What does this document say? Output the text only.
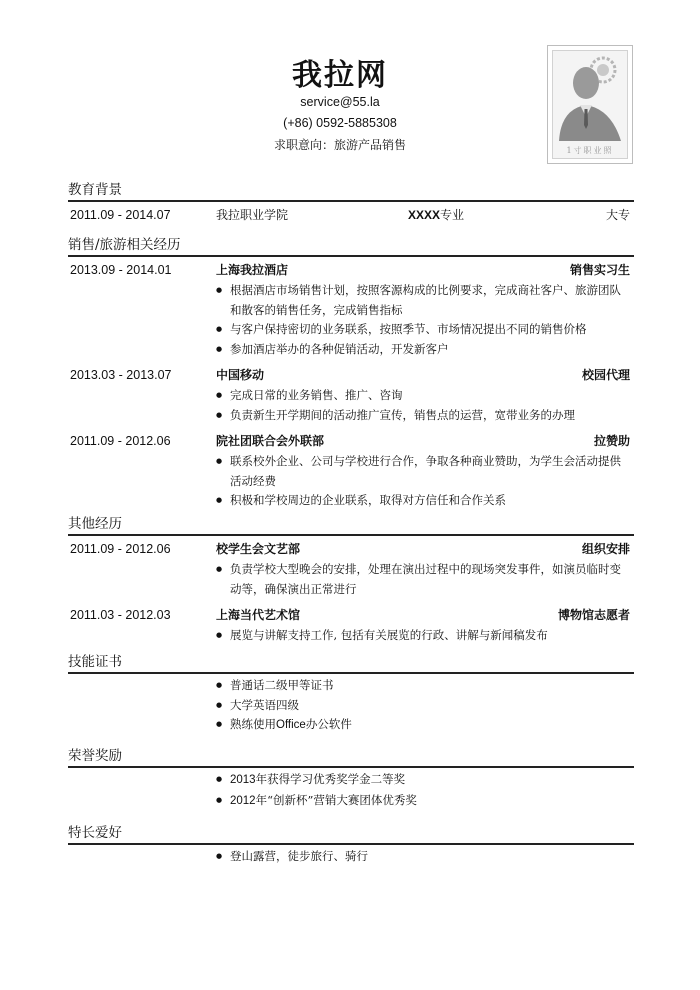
我拉网
service@55.la
(+86) 0592-5885308
求职意向：旅游产品销售	1寸职业照
教育背景
2011.09 - 2014.07	我拉职业学院	XXXX专业	大专
销售/旅游相关经历
2013.09 - 2014.01	上海我拉酒店	销售实习生
● 根据酒店市场销售计划，按照客源构成的比例要求，完成商社客户、旅游团队和散客的销售任务，完成销售指标
● 与客户保持密切的业务联系，按照季节、市场情况提出不同的销售价格
● 参加酒店举办的各种促销活动，开发新客户
2013.03 - 2013.07	中国移动	校园代理
● 完成日常的业务销售、推广、咨询
● 负责新生开学期间的活动推广宣传，销售点的运营，宽带业务的办理
2011.09 - 2012.06	院社团联合会外联部	拉赞助
● 联系校外企业、公司与学校进行合作，争取各种商业赞助，为学生会活动提供活动经费
● 积极和学校周边的企业联系，取得对方信任和合作关系
其他经历
2011.09 - 2012.06	校学生会文艺部	组织安排
● 负责学校大型晚会的安排，处理在演出过程中的现场突发事件，如演员临时变动等，确保演出正常进行
2011.03 - 2012.03	上海当代艺术馆	博物馆志愿者
● 展览与讲解支持工作, 包括有关展览的行政、讲解与新闻稿发布
技能证书
● 普通话二级甲等证书
● 大学英语四级
● 熟练使用Office办公软件
荣誉奖励
● 2013年获得学习优秀奖学金二等奖
● 2012年“创新杯”营销大赛团体优秀奖
特长爱好
● 登山露营，徒步旅行、骑行
